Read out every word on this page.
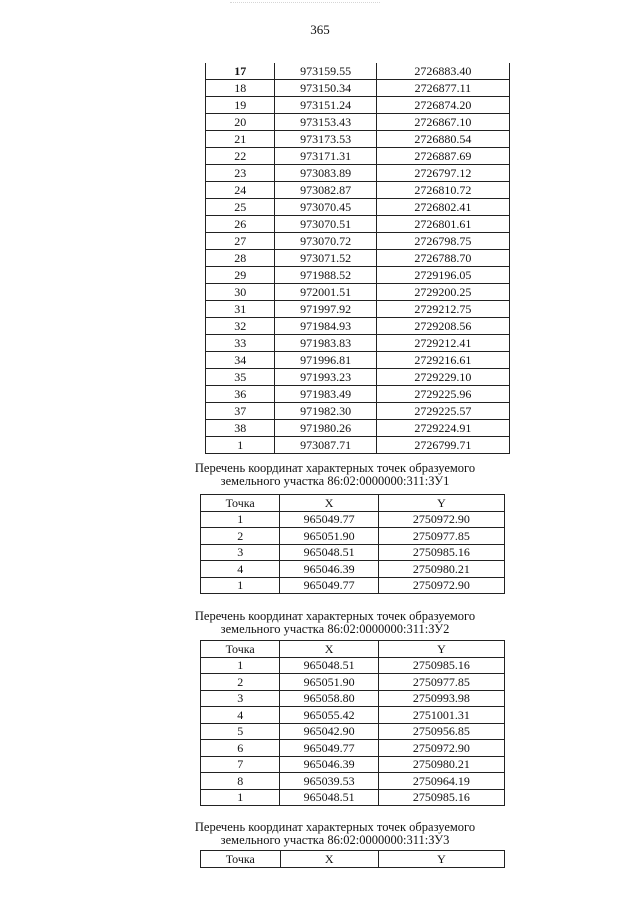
365
17	973159.55	2726883.40
18	973150.34	2726877.11
19	973151.24	2726874.20
20	973153.43	2726867.10
21	973173.53	2726880.54
22	973171.31	2726887.69
23	973083.89	2726797.12
24	973082.87	2726810.72
25	973070.45	2726802.41
26	973070.51	2726801.61
27	973070.72	2726798.75
28	973071.52	2726788.70
29	971988.52	2729196.05
30	972001.51	2729200.25
31	971997.92	2729212.75
32	971984.93	2729208.56
33	971983.83	2729212.41
34	971996.81	2729216.61
35	971993.23	2729229.10
36	971983.49	2729225.96
37	971982.30	2729225.57
38	971980.26	2729224.91
1	973087.71	2726799.71
Перечень координат характерных точек образуемого
земельного участка 86:02:0000000:311:ЗУ1
Точка	X	Y
1	965049.77	2750972.90
2	965051.90	2750977.85
3	965048.51	2750985.16
4	965046.39	2750980.21
1	965049.77	2750972.90
Перечень координат характерных точек образуемого
земельного участка 86:02:0000000:311:ЗУ2
Точка	X	Y
1	965048.51	2750985.16
2	965051.90	2750977.85
3	965058.80	2750993.98
4	965055.42	2751001.31
5	965042.90	2750956.85
6	965049.77	2750972.90
7	965046.39	2750980.21
8	965039.53	2750964.19
1	965048.51	2750985.16
Перечень координат характерных точек образуемого
земельного участка 86:02:0000000:311:ЗУ3
Точка	X	Y
